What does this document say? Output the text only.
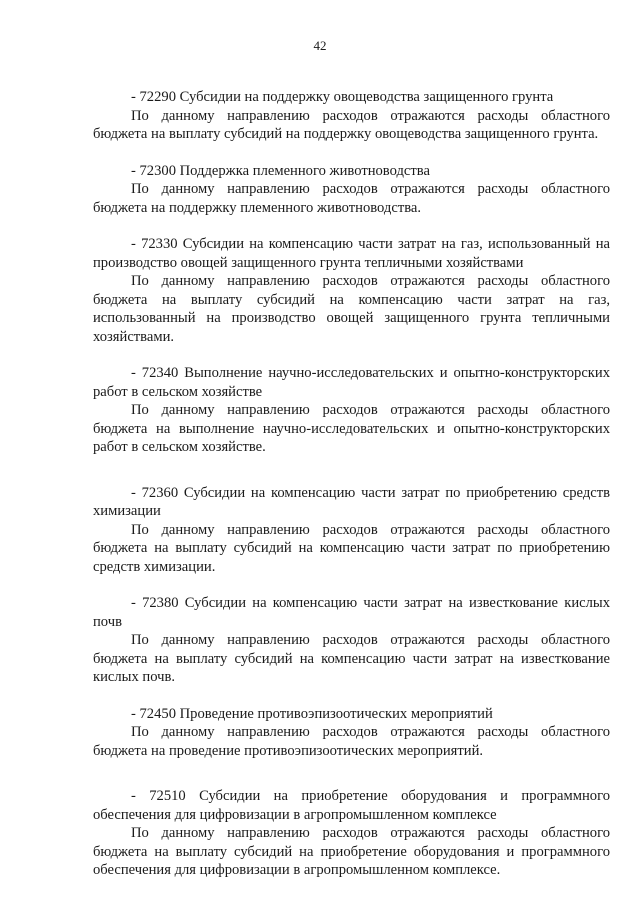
42

- 72290 Субсидии на поддержку овощеводства защищенного грунта

По данному направлению расходов отражаются расходы областного бюджета на выплату субсидий на поддержку овощеводства защищенного грунта.

- 72300 Поддержка племенного животноводства

По данному направлению расходов отражаются расходы областного бюджета на поддержку племенного животноводства.

- 72330 Субсидии на компенсацию части затрат на газ, использованный на производство овощей защищенного грунта тепличными хозяйствами

По данному направлению расходов отражаются расходы областного бюджета на выплату субсидий на компенсацию части затрат на газ, использованный на производство овощей защищенного грунта тепличными хозяйствами.

- 72340 Выполнение научно-исследовательских и опытно-конструкторских работ в сельском хозяйстве

По данному направлению расходов отражаются расходы областного бюджета на выполнение научно-исследовательских и опытно-конструкторских работ в сельском хозяйстве.

- 72360 Субсидии на компенсацию части затрат по приобретению средств химизации

По данному направлению расходов отражаются расходы областного бюджета на выплату субсидий на компенсацию части затрат по приобретению средств химизации.

- 72380 Субсидии на компенсацию части затрат на известкование кислых почв

По данному направлению расходов отражаются расходы областного бюджета на выплату субсидий на компенсацию части затрат на известкование кислых почв.

- 72450 Проведение противоэпизоотических мероприятий

По данному направлению расходов отражаются расходы областного бюджета на проведение противоэпизоотических мероприятий.

- 72510 Субсидии на приобретение оборудования и программного обеспечения для цифровизации в агропромышленном комплексе

По данному направлению расходов отражаются расходы областного бюджета на выплату субсидий на приобретение оборудования и программного обеспечения для цифровизации в агропромышленном комплексе.
